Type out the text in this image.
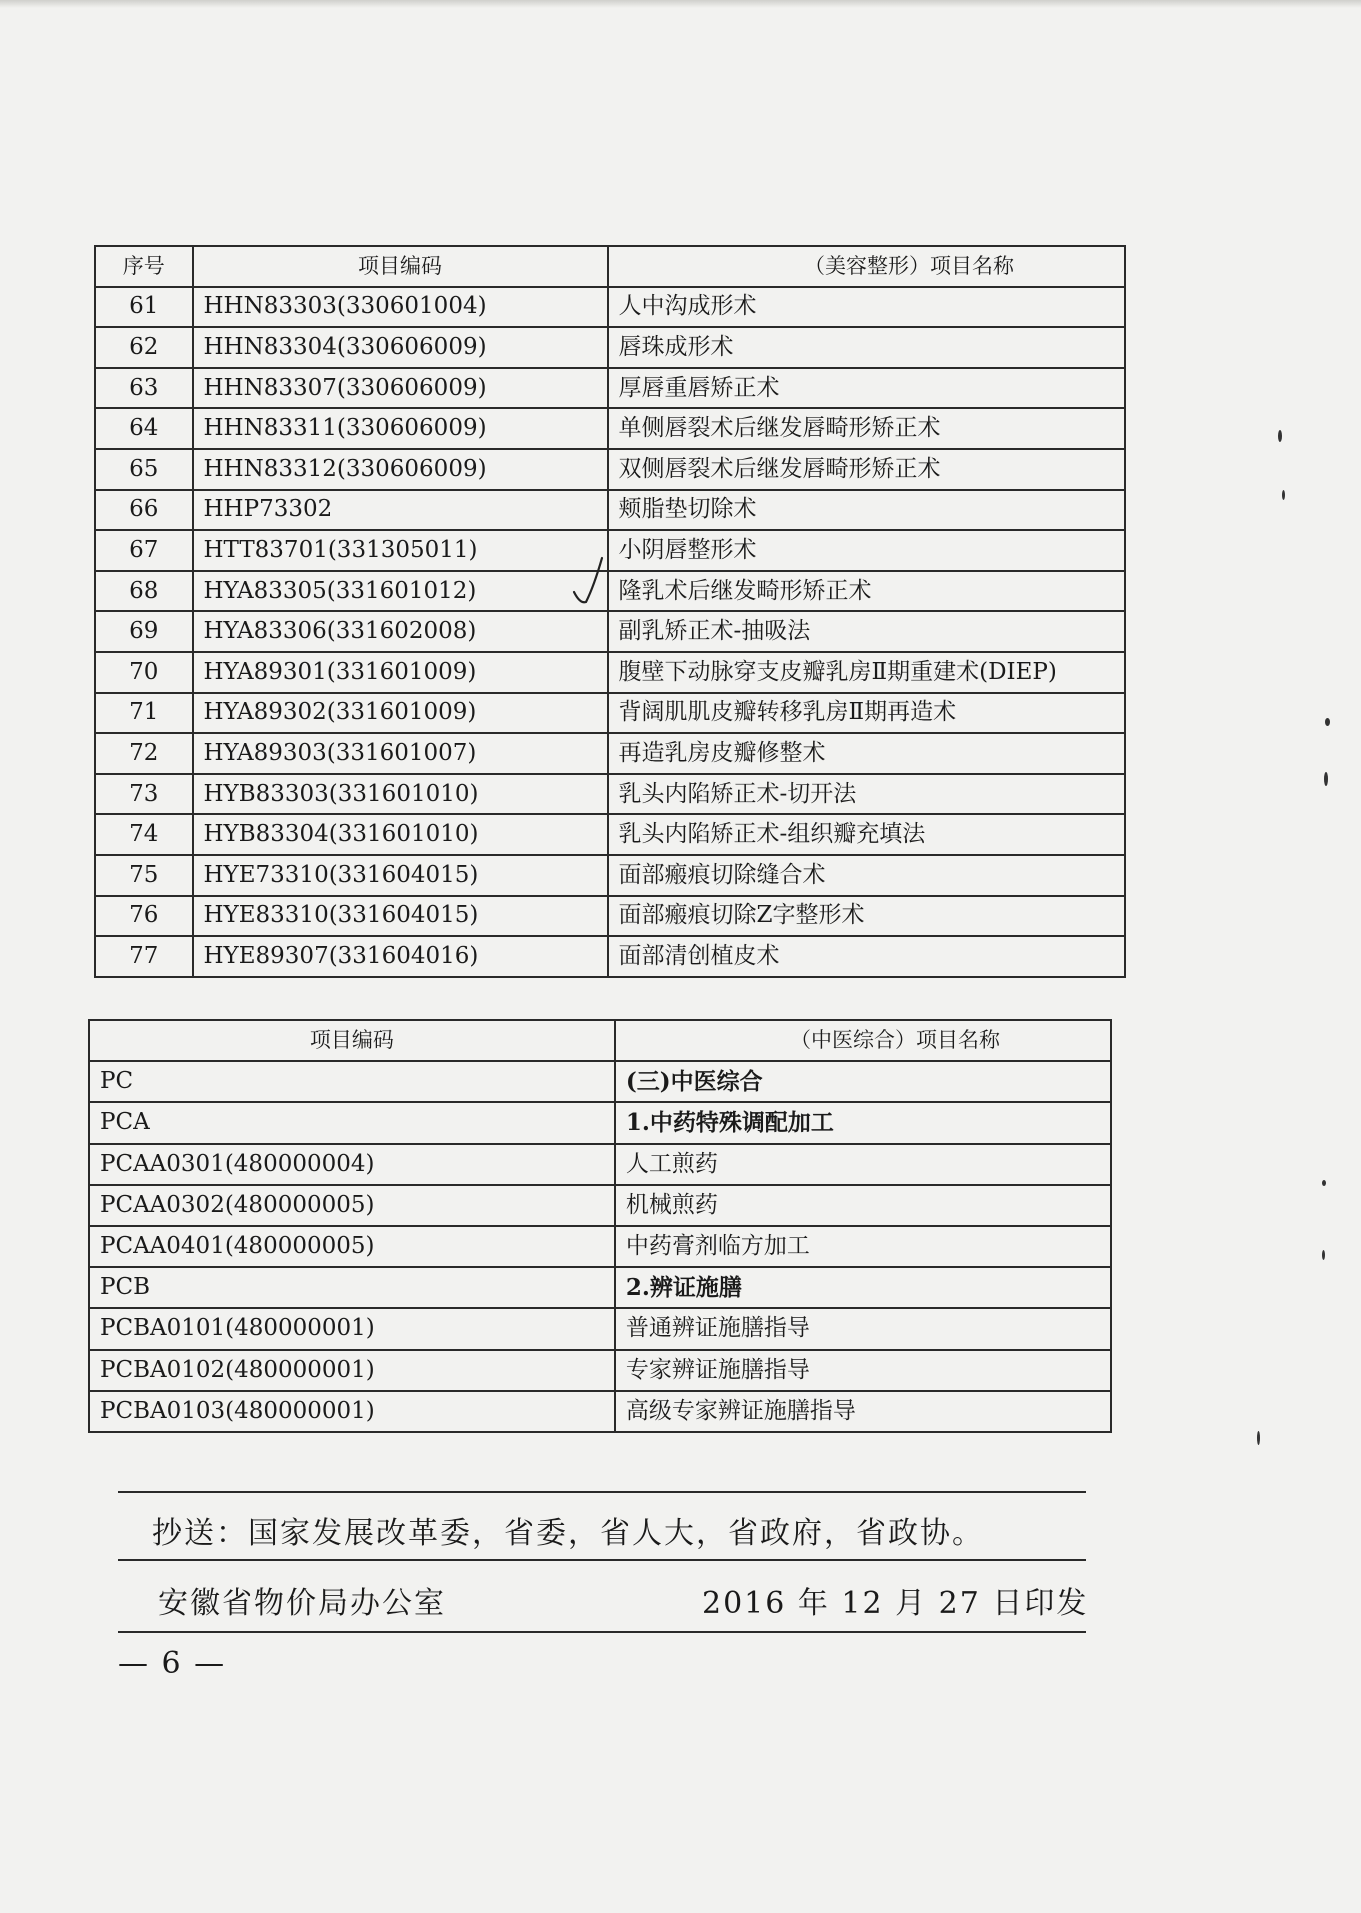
序号	项目编码	（美容整形）项目名称
61	HHN83303(330601004)	人中沟成形术
62	HHN83304(330606009)	唇珠成形术
63	HHN83307(330606009)	厚唇重唇矫正术
64	HHN83311(330606009)	单侧唇裂术后继发唇畸形矫正术
65	HHN83312(330606009)	双侧唇裂术后继发唇畸形矫正术
66	HHP73302	颊脂垫切除术
67	HTT83701(331305011)	小阴唇整形术
68	HYA83305(331601012)	隆乳术后继发畸形矫正术
69	HYA83306(331602008)	副乳矫正术-抽吸法
70	HYA89301(331601009)	腹壁下动脉穿支皮瓣乳房Ⅱ期重建术(DIEP)
71	HYA89302(331601009)	背阔肌肌皮瓣转移乳房Ⅱ期再造术
72	HYA89303(331601007)	再造乳房皮瓣修整术
73	HYB83303(331601010)	乳头内陷矫正术-切开法
74	HYB83304(331601010)	乳头内陷矫正术-组织瓣充填法
75	HYE73310(331604015)	面部瘢痕切除缝合术
76	HYE83310(331604015)	面部瘢痕切除Z字整形术
77	HYE89307(331604016)	面部清创植皮术
项目编码	（中医综合）项目名称
PC	(三)中医综合
PCA	1.中药特殊调配加工
PCAA0301(480000004)	人工煎药
PCAA0302(480000005)	机械煎药
PCAA0401(480000005)	中药膏剂临方加工
PCB	2.辨证施膳
PCBA0101(480000001)	普通辨证施膳指导
PCBA0102(480000001)	专家辨证施膳指导
PCBA0103(480000001)	高级专家辨证施膳指导
抄送：国家发展改革委，省委，省人大，省政府，省政协。
安徽省物价局办公室	2016 年 12 月 27 日印发
— 6 —
